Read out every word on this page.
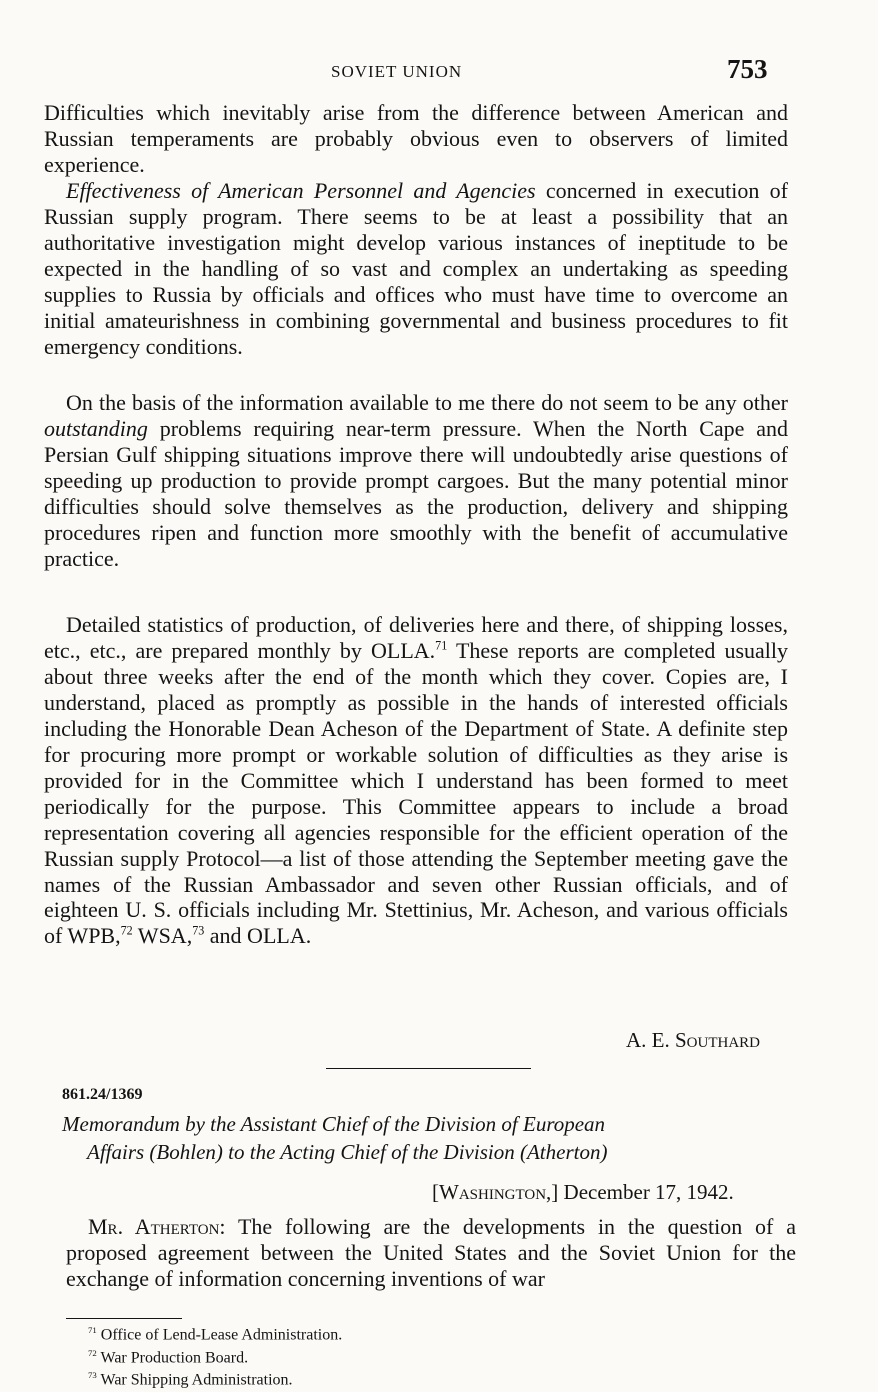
SOVIET UNION	753

Difficulties which inevitably arise from the difference between American and Russian temperaments are probably obvious even to observers of limited experience.

Effectiveness of American Personnel and Agencies concerned in execution of Russian supply program. There seems to be at least a possibility that an authoritative investigation might develop various instances of ineptitude to be expected in the handling of so vast and complex an undertaking as speeding supplies to Russia by officials and offices who must have time to overcome an initial amateurishness in combining governmental and business procedures to fit emergency conditions.

On the basis of the information available to me there do not seem to be any other outstanding problems requiring near-term pressure. When the North Cape and Persian Gulf shipping situations improve there will undoubtedly arise questions of speeding up production to provide prompt cargoes. But the many potential minor difficulties should solve themselves as the production, delivery and shipping procedures ripen and function more smoothly with the benefit of accumulative practice.

Detailed statistics of production, of deliveries here and there, of shipping losses, etc., etc., are prepared monthly by OLLA.$^{71}$ These reports are completed usually about three weeks after the end of the month which they cover. Copies are, I understand, placed as promptly as possible in the hands of interested officials including the Honorable Dean Acheson of the Department of State. A definite step for procuring more prompt or workable solution of difficulties as they arise is provided for in the Committee which I understand has been formed to meet periodically for the purpose. This Committee appears to include a broad representation covering all agencies responsible for the efficient operation of the Russian supply Protocol—a list of those attending the September meeting gave the names of the Russian Ambassador and seven other Russian officials, and of eighteen U. S. officials including Mr. Stettinius, Mr. Acheson, and various officials of WPB,$^{72}$ WSA,$^{73}$ and OLLA.

A. E. Southard
861.24/1369
Memorandum by the Assistant Chief of the Division of European
Affairs (Bohlen) to the Acting Chief of the Division (Atherton)
[Washington,] December 17, 1942.

Mr. Atherton: The following are the developments in the question of a proposed agreement between the United States and the Soviet Union for the exchange of information concerning inventions of war

$^{71}$ Office of Lend-Lease Administration.
$^{72}$ War Production Board.
$^{73}$ War Shipping Administration.
